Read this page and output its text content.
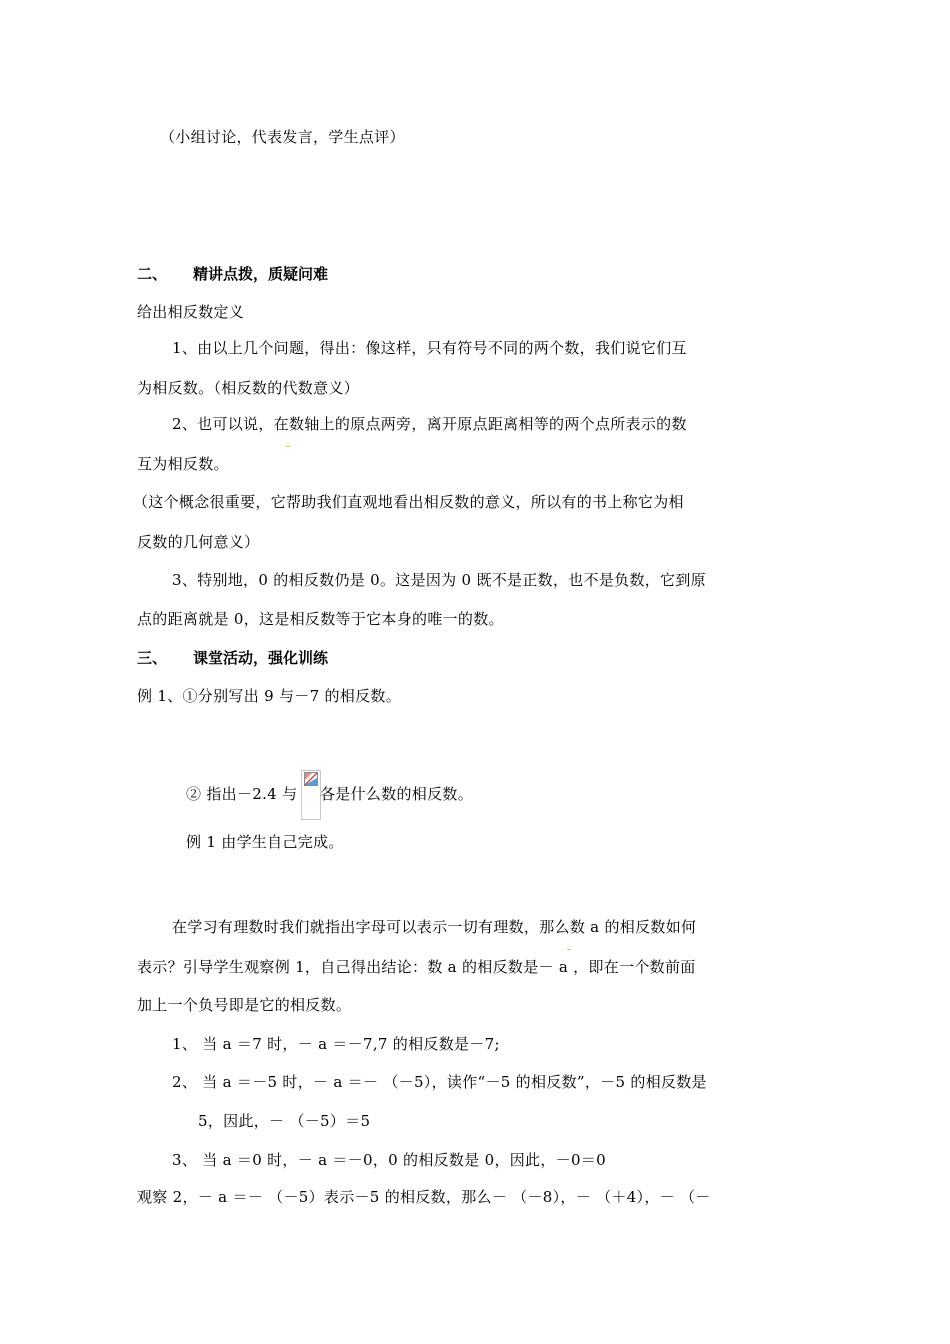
（小组讨论，代表发言，学生点评）
二、 精讲点拨，质疑问难
给出相反数定义
1、由以上几个问题，得出：像这样，只有符号不同的两个数，我们说它们互
为相反数。（相反数的代数意义）
2、也可以说，在数轴上的原点两旁，离开原点距离相等的两个点所表示的数
互为相反数。
（这个概念很重要，它帮助我们直观地看出相反数的意义，所以有的书上称它为相
反数的几何意义）
3、特别地，0 的相反数仍是 0。这是因为 0 既不是正数，也不是负数，它到原
点的距离就是 0，这是相反数等于它本身的唯一的数。
三、 课堂活动，强化训练
例 1、①分别写出 9 与－7 的相反数。
② 指出－2.4 与 各是什么数的相反数。
例 1 由学生自己完成。
在学习有理数时我们就指出字母可以表示一切有理数，那么数 a 的相反数如何
表示？引导学生观察例 1，自己得出结论：数 a 的相反数是－ a ，即在一个数前面
加上一个负号即是它的相反数。
1、 当 a ＝7 时，－ a ＝－7,7 的相反数是－7;
2、 当 a ＝－5 时，－ a ＝－ （－5），读作“－5 的相反数”，－5 的相反数是
5，因此，－ （－5）＝5
3、 当 a ＝0 时，－ a ＝－0，0 的相反数是 0，因此，－0＝0
观察 2，－ a ＝－ （－5）表示－5 的相反数，那么－ （－8），－ （＋4），－ （－
